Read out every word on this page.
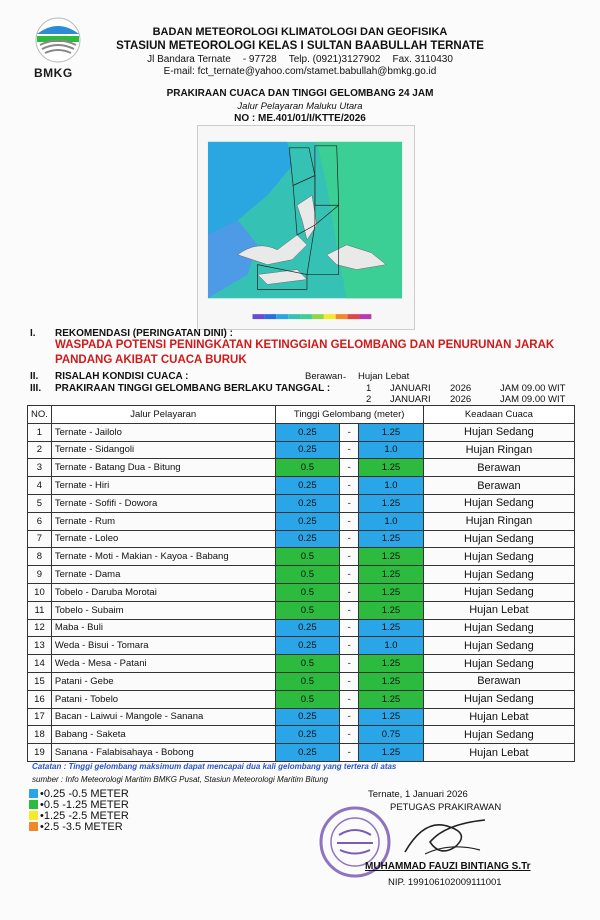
BMKG
BADAN METEOROLOGI KLIMATOLOGI DAN GEOFISIKA
STASIUN METEOROLOGI KELAS I SULTAN BAABULLAH TERNATE
Jl Bandara Ternate - 97728 Telp. (0921)3127902 Fax. 3110430
E-mail: fct_ternate@yahoo.com/stamet.babullah@bmkg.go.id
PRAKIRAAN CUACA DAN TINGGI GELOMBANG 24 JAM
Jalur Pelayaran Maluku Utara
NO : ME.401/01/I/KTTE/2026
I. REKOMENDASI (PERINGATAN DINI) :
WASPADA POTENSI PENINGKATAN KETINGGIAN GELOMBANG DAN PENURUNAN JARAK PANDANG AKIBAT CUACA BURUK
II. RISALAH KONDISI CUACA :	Berawan - Hujan Lebat
III. PRAKIRAAN TINGGI GELOMBANG BERLAKU TANGGAL :	1 JANUARI 2026	JAM 09.00 WIT
2 JANUARI 2026	JAM 09.00 WIT
NO.	Jalur Pelayaran	Tinggi Gelombang (meter)			Keadaan Cuaca
1	Ternate - Jailolo	0.25	-	1.25	Hujan Sedang
2	Ternate - Sidangoli	0.25	-	1.0	Hujan Ringan
3	Ternate - Batang Dua - Bitung	0.5	-	1.25	Berawan
4	Ternate - Hiri	0.25	-	1.0	Berawan
5	Ternate - Sofifi - Dowora	0.25	-	1.25	Hujan Sedang
6	Ternate - Rum	0.25	-	1.0	Hujan Ringan
7	Ternate - Loleo	0.25	-	1.25	Hujan Sedang
8	Ternate - Moti - Makian - Kayoa - Babang	0.5	-	1.25	Hujan Sedang
9	Ternate - Dama	0.5	-	1.25	Hujan Sedang
10	Tobelo - Daruba Morotai	0.5	-	1.25	Hujan Sedang
11	Tobelo - Subaim	0.5	-	1.25	Hujan Lebat
12	Maba - Buli	0.25	-	1.25	Hujan Sedang
13	Weda - Bisui - Tomara	0.25	-	1.0	Hujan Sedang
14	Weda - Mesa - Patani	0.5	-	1.25	Hujan Sedang
15	Patani - Gebe	0.5	-	1.25	Berawan
16	Patani - Tobelo	0.5	-	1.25	Hujan Sedang
17	Bacan - Laiwui - Mangole - Sanana	0.25	-	1.25	Hujan Lebat
18	Babang - Saketa	0.25	-	0.75	Hujan Sedang
19	Sanana - Falabisahaya - Bobong	0.25	-	1.25	Hujan Lebat
Catatan : Tinggi gelombang maksimum dapat mencapai dua kali gelombang yang tertera di atas
sumber : Info Meteorologi Maritim BMKG Pusat, Stasiun Meteorologi Maritim Bitung
• 0.25 -0.5 METER
• 0.5 -1.25 METER
• 1.25 -2.5 METER
• 2.5 -3.5 METER
Ternate, 1 Januari 2026
PETUGAS PRAKIRAWAN
MUHAMMAD FAUZI BINTIANG S.Tr
NIP. 199106102009111001
